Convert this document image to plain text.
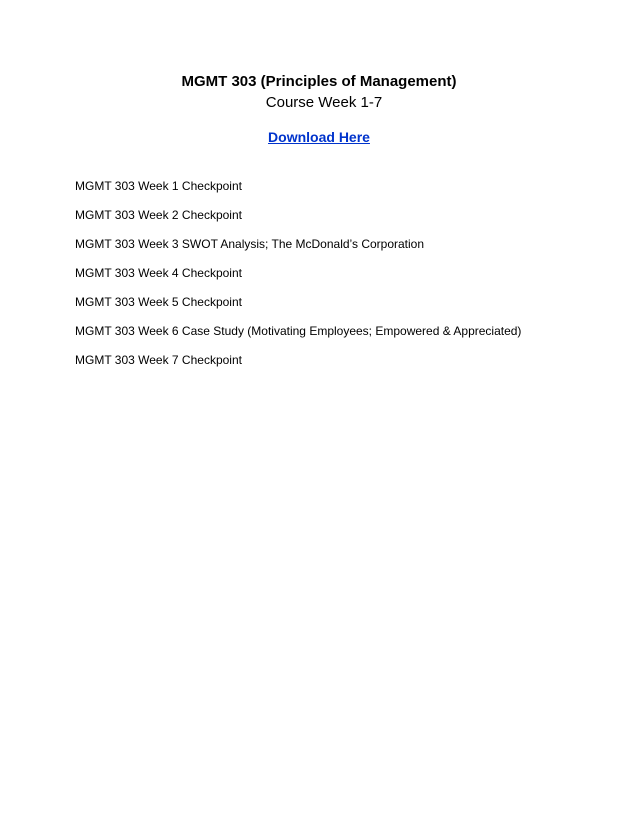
MGMT 303 (Principles of Management)
Course Week 1-7
Download Here
MGMT 303 Week 1 Checkpoint
MGMT 303 Week 2 Checkpoint
MGMT 303 Week 3 SWOT Analysis; The McDonald’s Corporation
MGMT 303 Week 4 Checkpoint
MGMT 303 Week 5 Checkpoint
MGMT 303 Week 6 Case Study (Motivating Employees; Empowered & Appreciated)
MGMT 303 Week 7 Checkpoint
